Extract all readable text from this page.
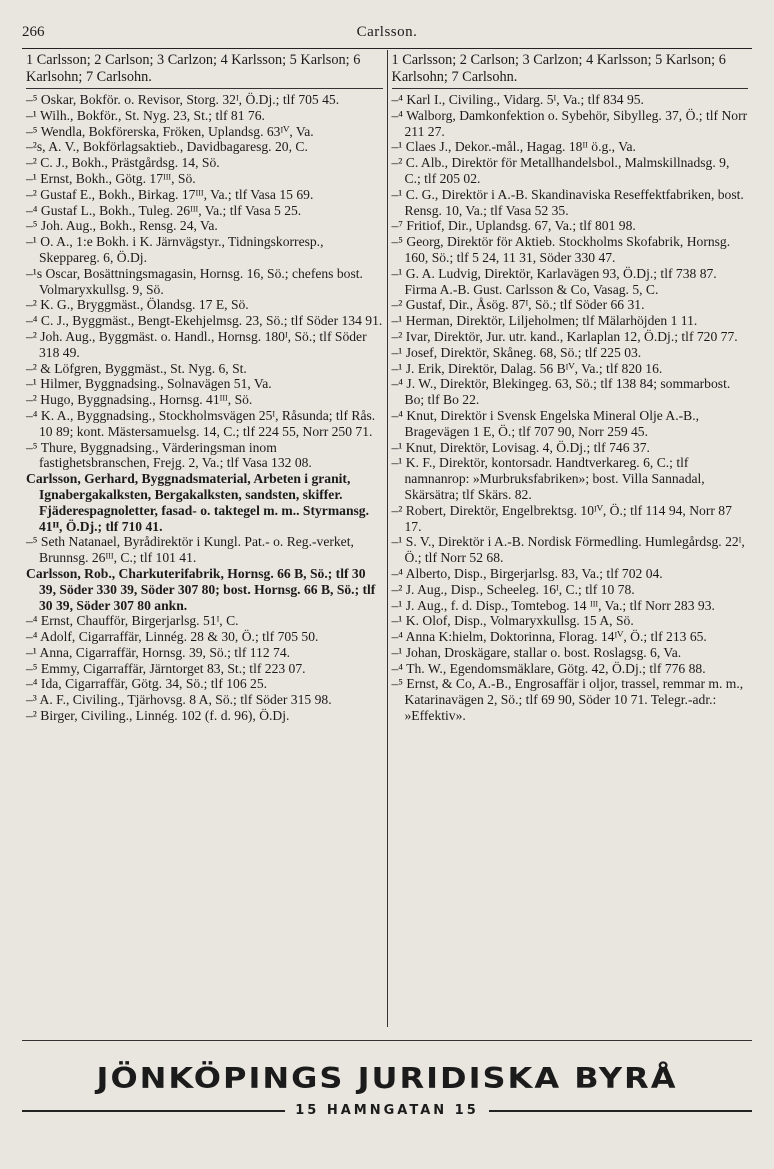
266	Carlsson.
1 Carlsson; 2 Carlson; 3 Carlzon; 4 Karlsson; 5 Karlson; 6 Karlsohn; 7 Carlsohn.

–⁵ Oskar, Bokför. o. Revisor, Storg. 32ᴵ, Ö.Dj.; tlf 705 45.

–¹ Wilh., Bokför., St. Nyg. 23, St.; tlf 81 76.

–⁵ Wendla, Bokförerska, Fröken, Uplandsg. 63ᴵⱽ, Va.

–²s, A. V., Bokförlagsaktieb., Davidbagaresg. 20, C.

–² C. J., Bokh., Prästgårdsg. 14, Sö.

–¹ Ernst, Bokh., Götg. 17ᴵᴵᴵ, Sö.

–² Gustaf E., Bokh., Birkag. 17ᴵᴵᴵ, Va.; tlf Vasa 15 69.

–⁴ Gustaf L., Bokh., Tuleg. 26ᴵᴵᴵ, Va.; tlf Vasa 5 25.

–⁵ Joh. Aug., Bokh., Rensg. 24, Va.

–¹ O. A., 1:e Bokh. i K. Järnvägstyr., Tidningskorresp., Skeppareg. 6, Ö.Dj.

–¹s Oscar, Bosättningsmagasin, Hornsg. 16, Sö.; chefens bost. Volmaryxkullsg. 9, Sö.

–² K. G., Bryggmäst., Ölandsg. 17 E, Sö.

–⁴ C. J., Byggmäst., Bengt-Ekehjelmsg. 23, Sö.; tlf Söder 134 91.

–² Joh. Aug., Byggmäst. o. Handl., Hornsg. 180ᴵ, Sö.; tlf Söder 318 49.

–² & Löfgren, Byggmäst., St. Nyg. 6, St.

–¹ Hilmer, Byggnadsing., Solnavägen 51, Va.

–² Hugo, Byggnadsing., Hornsg. 41ᴵᴵᴵ, Sö.

–⁴ K. A., Byggnadsing., Stockholmsvägen 25ᴵ, Råsunda; tlf Rås. 10 89; kont. Mästersamuelsg. 14, C.; tlf 224 55, Norr 250 71.

–⁵ Thure, Byggnadsing., Värderingsman inom fastighetsbranschen, Frejg. 2, Va.; tlf Vasa 132 08.

Carlsson, Gerhard, Byggnadsmaterial, Arbeten i granit, Ignabergakalksten, Bergakalksten, sandsten, skiffer. Fjäderespagnoletter, fasad- o. taktegel m. m.. Styrmansg. 41ᴵᴵ, Ö.Dj.; tlf 710 41.

–⁵ Seth Natanael, Byrådirektör i Kungl. Pat.- o. Reg.-verket, Brunnsg. 26ᴵᴵᴵ, C.; tlf 101 41.

Carlsson, Rob., Charkuterifabrik, Hornsg. 66 B, Sö.; tlf 30 39, Söder 330 39, Söder 307 80; bost. Hornsg. 66 B, Sö.; tlf 30 39, Söder 307 80 ankn.

–⁴ Ernst, Chaufför, Birgerjarlsg. 51ᴵ, C.

–⁴ Adolf, Cigarraffär, Linnég. 28 & 30, Ö.; tlf 705 50.

–¹ Anna, Cigarraffär, Hornsg. 39, Sö.; tlf 112 74.

–⁵ Emmy, Cigarraffär, Järntorget 83, St.; tlf 223 07.

–⁴ Ida, Cigarraffär, Götg. 34, Sö.; tlf 106 25.

–³ A. F., Civiling., Tjärhovsg. 8 A, Sö.; tlf Söder 315 98.

–² Birger, Civiling., Linnég. 102 (f. d. 96), Ö.Dj.

1 Carlsson; 2 Carlson; 3 Carlzon; 4 Karlsson; 5 Karlson; 6 Karlsohn; 7 Carlsohn.

–⁴ Karl I., Civiling., Vidarg. 5ᴵ, Va.; tlf 834 95.

–⁴ Walborg, Damkonfektion o. Sybehör, Sibylleg. 37, Ö.; tlf Norr 211 27.

–¹ Claes J., Dekor.-mål., Hagag. 18ᴵᴵ ö.g., Va.

–² C. Alb., Direktör för Metallhandelsbol., Malmskillnadsg. 9, C.; tlf 205 02.

–¹ C. G., Direktör i A.-B. Skandinaviska Reseffektfabriken, bost. Rensg. 10, Va.; tlf Vasa 52 35.

–⁷ Fritiof, Dir., Uplandsg. 67, Va.; tlf 801 98.

–⁵ Georg, Direktör för Aktieb. Stockholms Skofabrik, Hornsg. 160, Sö.; tlf 5 24, 11 31, Söder 330 47.

–¹ G. A. Ludvig, Direktör, Karlavägen 93, Ö.Dj.; tlf 738 87. Firma A.-B. Gust. Carlsson & Co, Vasag. 5, C.

–² Gustaf, Dir., Åsög. 87ᴵ, Sö.; tlf Söder 66 31.

–¹ Herman, Direktör, Liljeholmen; tlf Mälarhöjden 1 11.

–² Ivar, Direktör, Jur. utr. kand., Karlaplan 12, Ö.Dj.; tlf 720 77.

–¹ Josef, Direktör, Skåneg. 68, Sö.; tlf 225 03.

–¹ J. Erik, Direktör, Dalag. 56 Bᴵⱽ, Va.; tlf 820 16.

–⁴ J. W., Direktör, Blekingeg. 63, Sö.; tlf 138 84; sommarbost. Bo; tlf Bo 22.

–⁴ Knut, Direktör i Svensk Engelska Mineral Olje A.-B., Bragevägen 1 E, Ö.; tlf 707 90, Norr 259 45.

–¹ Knut, Direktör, Lovisag. 4, Ö.Dj.; tlf 746 37.

–¹ K. F., Direktör, kontorsadr. Handtverkareg. 6, C.; tlf namnanrop: »Murbruksfabriken»; bost. Villa Sannadal, Skärsätra; tlf Skärs. 82.

–² Robert, Direktör, Engelbrektsg. 10ᴵⱽ, Ö.; tlf 114 94, Norr 87 17.

–¹ S. V., Direktör i A.-B. Nordisk Förmedling. Humlegårdsg. 22ᴵ, Ö.; tlf Norr 52 68.

–⁴ Alberto, Disp., Birgerjarlsg. 83, Va.; tlf 702 04.

–² J. Aug., Disp., Scheeleg. 16ᴵ, C.; tlf 10 78.

–¹ J. Aug., f. d. Disp., Tomtebog. 14 ᴵᴵᴵ, Va.; tlf Norr 283 93.

–¹ K. Olof, Disp., Volmaryxkullsg. 15 A, Sö.

–⁴ Anna K:hielm, Doktorinna, Florag. 14ᴵⱽ, Ö.; tlf 213 65.

–¹ Johan, Droskägare, stallar o. bost. Roslagsg. 6, Va.

–⁴ Th. W., Egendomsmäklare, Götg. 42, Ö.Dj.; tlf 776 88.

–⁵ Ernst, & Co, A.-B., Engrosaffär i oljor, trassel, remmar m. m., Katarinavägen 2, Sö.; tlf 69 90, Söder 10 71. Telegr.-adr.: »Effektiv».

JÖNKÖPINGS JURIDISKA BYRÅ
15 HAMNGATAN 15
